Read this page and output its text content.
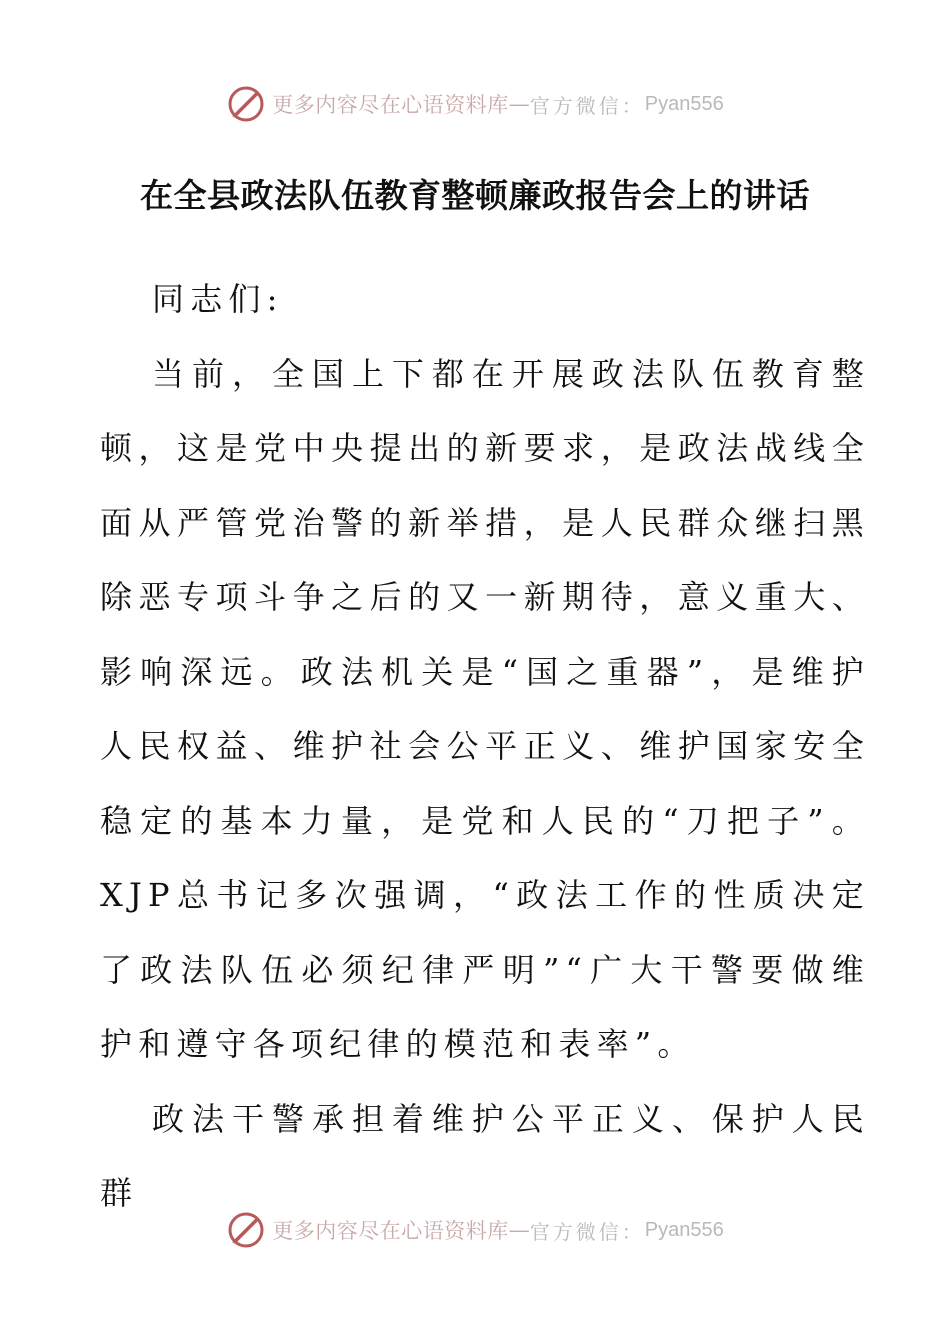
更多内容尽在心语资料库 — 官方微信： Pyan556
在全县政法队伍教育整顿廉政报告会上的讲话

同志们:

当前，全国上下都在开展政法队伍教育整顿，这是党中央提出的新要求，是政法战线全面从严管党治警的新举措，是人民群众继扫黑除恶专项斗争之后的又一新期待，意义重大、影响深远。政法机关是“国之重器”，是维护人民权益、维护社会公平正义、维护国家安全稳定的基本力量，是党和人民的“刀把子”。XJP总书记多次强调，“政法工作的性质决定了政法队伍必须纪律严明”“广大干警要做维护和遵守各项纪律的模范和表率”。

政法干警承担着维护公平正义、保护人民群

更多内容尽在心语资料库 — 官方微信： Pyan556
